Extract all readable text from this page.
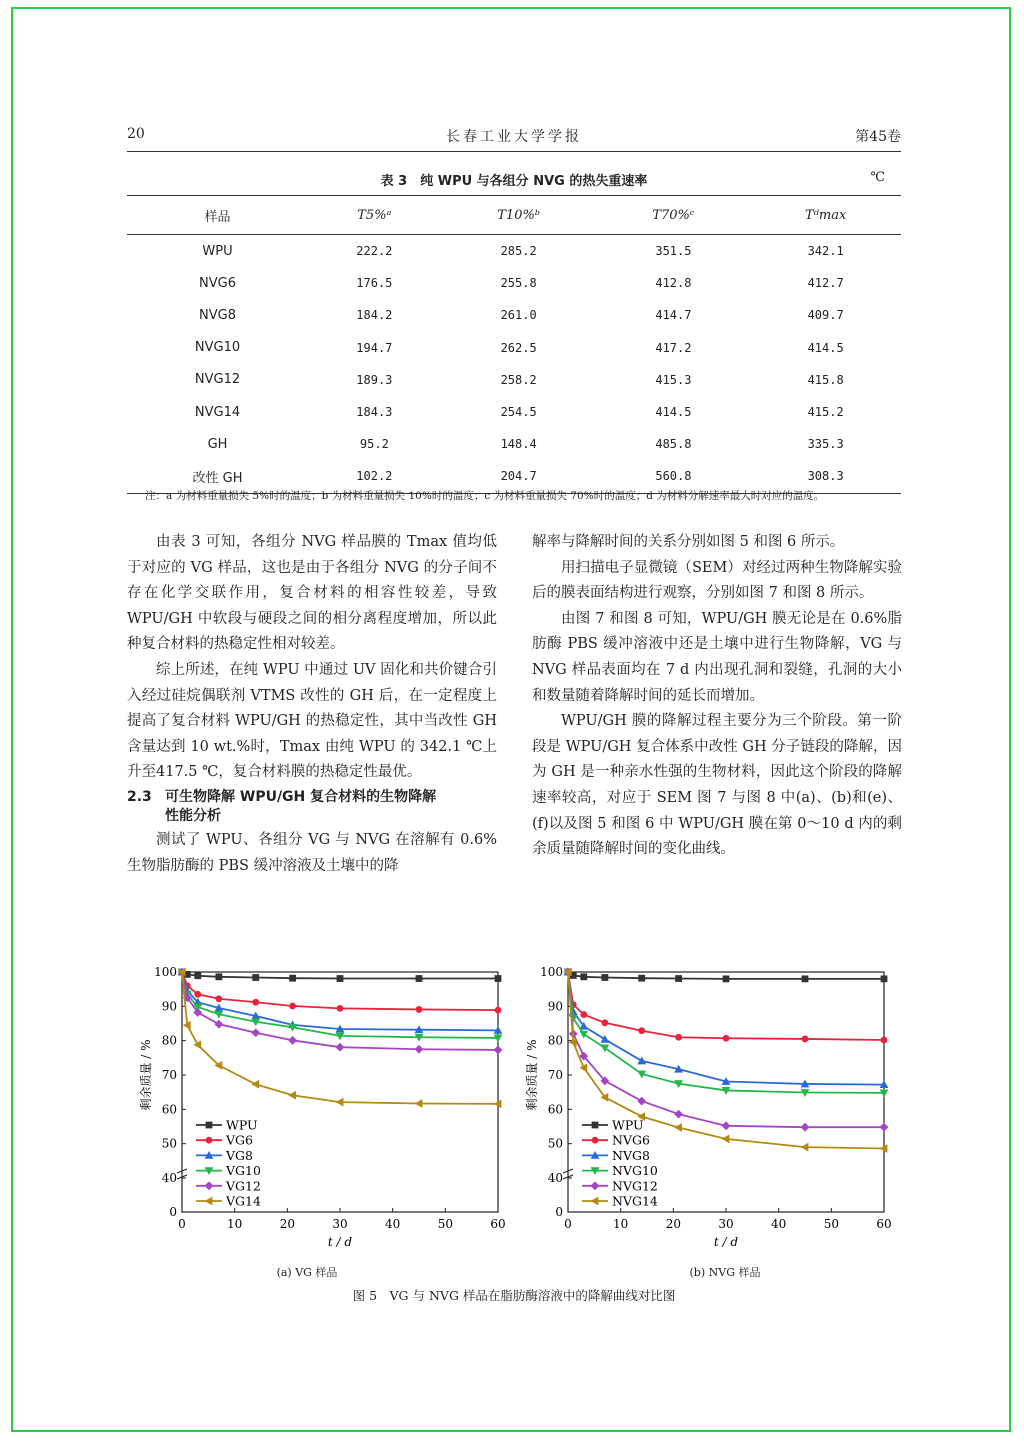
20	长春工业大学学报	第45卷
表 3　纯 WPU 与各组分 NVG 的热失重速率	℃
样品	T5%ᵃ	T10%ᵇ	T70%ᶜ	Tᵈmax
WPU	222.2	285.2	351.5	342.1
NVG6	176.5	255.8	412.8	412.7
NVG8	184.2	261.0	414.7	409.7
NVG10	194.7	262.5	417.2	414.5
NVG12	189.3	258.2	415.3	415.8
NVG14	184.3	254.5	414.5	415.2
GH	95.2	148.4	485.8	335.3
改性 GH	102.2	204.7	560.8	308.3
注：a 为材料重量损失 5%时的温度；b 为材料重量损失 10%时的温度；c 为材料重量损失 70%时的温度；d 为材料分解速率最大时对应的温度。

由表 3 可知，各组分 NVG 样品膜的 Tmax 值均低于对应的 VG 样品，这也是由于各组分 NVG 的分子间不存在化学交联作用，复合材料的相容性较差，导致 WPU/GH 中软段与硬段之间的相分离程度增加，所以此种复合材料的热稳定性相对较差。

综上所述，在纯 WPU 中通过 UV 固化和共价键合引入经过硅烷偶联剂 VTMS 改性的 GH 后，在一定程度上提高了复合材料 WPU/GH 的热稳定性，其中当改性 GH 含量达到 10 wt.%时，Tmax 由纯 WPU 的 342.1 ℃上升至417.5 ℃，复合材料膜的热稳定性最优。

2.3 可生物降解 WPU/GH 复合材料的生物降解
性能分析

测试了 WPU、各组分 VG 与 NVG 在溶解有 0.6%生物脂肪酶的 PBS 缓冲溶液及土壤中的降

解率与降解时间的关系分别如图 5 和图 6 所示。

用扫描电子显微镜（SEM）对经过两种生物降解实验后的膜表面结构进行观察，分别如图 7 和图 8 所示。

由图 7 和图 8 可知，WPU/GH 膜无论是在 0.6%脂肪酶 PBS 缓冲溶液中还是土壤中进行生物降解，VG 与 NVG 样品表面均在 7 d 内出现孔洞和裂缝，孔洞的大小和数量随着降解时间的延长而增加。

WPU/GH 膜的降解过程主要分为三个阶段。第一阶段是 WPU/GH 复合体系中改性 GH 分子链段的降解，因为 GH 是一种亲水性强的生物材料，因此这个阶段的降解速率较高，对应于 SEM 图 7 与图 8 中(a)、(b)和(e)、(f)以及图 5 和图 6 中 WPU/GH 膜在第 0～10 d 内的剩余质量随降解时间的变化曲线。

0
40
50
60
70
80
90
100
0	10	20	30	40	50	60
t / d
剩余质量 / %
WPU
VG6
VG8
VG10
VG12
VG14
0
40
50
60
70
80
90
100
0	10	20	30	40	50	60
t / d
剩余质量 / %
WPU
NVG6
NVG8
NVG10
NVG12
NVG14
(a) VG 样品	(b) NVG 样品
图 5　VG 与 NVG 样品在脂肪酶溶液中的降解曲线对比图
